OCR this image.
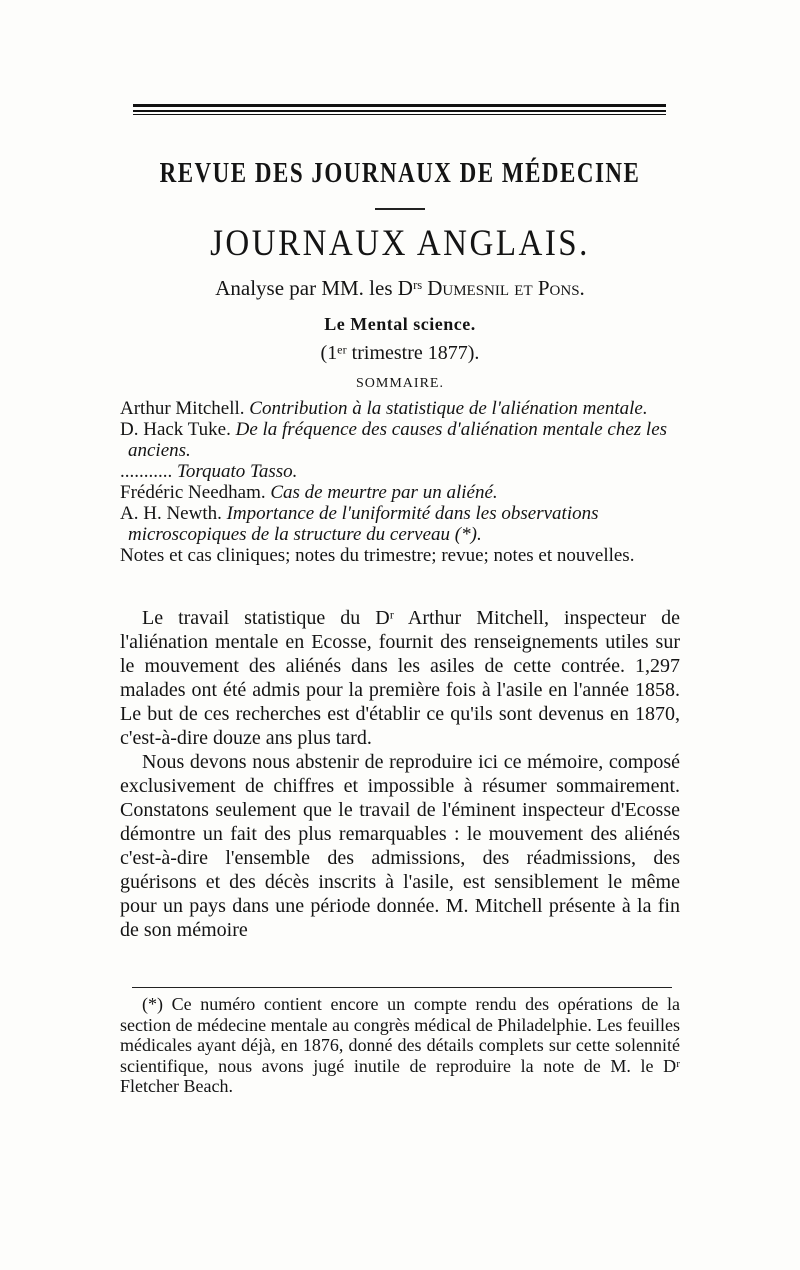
REVUE DES JOURNAUX DE MÉDECINE
JOURNAUX ANGLAIS.
Analyse par MM. les Dʳˢ Dumesnil et Pons.
Le Mental science.
(1ᵉʳ trimestre 1877).
SOMMAIRE.

Arthur Mitchell. Contribution à la statistique de l'aliénation mentale.

D. Hack Tuke. De la fréquence des causes d'aliénation mentale chez les anciens.

........... Torquato Tasso.

Frédéric Needham. Cas de meurtre par un aliéné.

A. H. Newth. Importance de l'uniformité dans les observations microscopiques de la structure du cerveau (*).

Notes et cas cliniques; notes du trimestre; revue; notes et nouvelles.

Le travail statistique du Dʳ Arthur Mitchell, inspecteur de l'aliénation mentale en Ecosse, fournit des renseignements utiles sur le mouvement des aliénés dans les asiles de cette contrée. 1,297 malades ont été admis pour la première fois à l'asile en l'année 1858. Le but de ces recherches est d'établir ce qu'ils sont devenus en 1870, c'est-à-dire douze ans plus tard.

Nous devons nous abstenir de reproduire ici ce mémoire, composé exclusivement de chiffres et impossible à résumer sommairement. Constatons seulement que le travail de l'éminent inspecteur d'Ecosse démontre un fait des plus remarquables : le mouvement des aliénés c'est-à-dire l'ensemble des admissions, des réadmissions, des guérisons et des décès inscrits à l'asile, est sensiblement le même pour un pays dans une période donnée. M. Mitchell présente à la fin de son mémoire

(*) Ce numéro contient encore un compte rendu des opérations de la section de médecine mentale au congrès médical de Philadelphie. Les feuilles médicales ayant déjà, en 1876, donné des détails complets sur cette solennité scientifique, nous avons jugé inutile de reproduire la note de M. le Dʳ Fletcher Beach.
